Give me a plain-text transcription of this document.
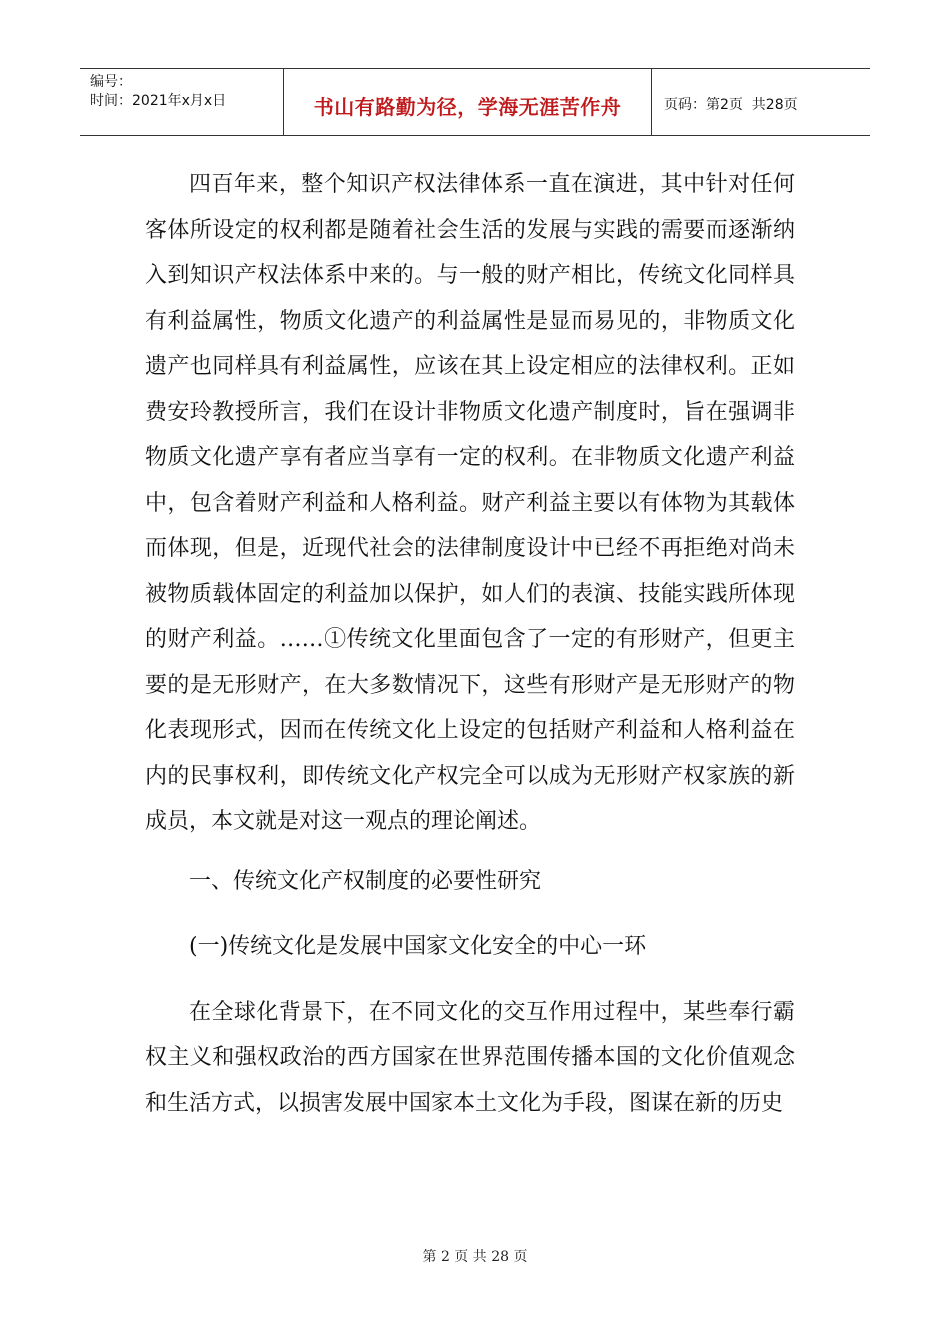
编号：
时间：2021年x月x日	书山有路勤为径，学海无涯苦作舟	页码：第2页  共28页

四百年来，整个知识产权法律体系一直在演进，其中针对任何客体所设定的权利都是随着社会生活的发展与实践的需要而逐渐纳入到知识产权法体系中来的。与一般的财产相比，传统文化同样具有利益属性，物质文化遗产的利益属性是显而易见的，非物质文化遗产也同样具有利益属性，应该在其上设定相应的法律权利。正如费安玲教授所言，我们在设计非物质文化遗产制度时，旨在强调非物质文化遗产享有者应当享有一定的权利。在非物质文化遗产利益中，包含着财产利益和人格利益。财产利益主要以有体物为其载体而体现，但是，近现代社会的法律制度设计中已经不再拒绝对尚未被物质载体固定的利益加以保护，如人们的表演、技能实践所体现的财产利益。……①传统文化里面包含了一定的有形财产，但更主要的是无形财产，在大多数情况下，这些有形财产是无形财产的物化表现形式，因而在传统文化上设定的包括财产利益和人格利益在内的民事权利，即传统文化产权完全可以成为无形财产权家族的新成员，本文就是对这一观点的理论阐述。

一、传统文化产权制度的必要性研究

(一)传统文化是发展中国家文化安全的中心一环

在全球化背景下，在不同文化的交互作用过程中，某些奉行霸权主义和强权政治的西方国家在世界范围传播本国的文化价值观念和生活方式，以损害发展中国家本土文化为手段，图谋在新的历史

第 2 页 共 28 页
